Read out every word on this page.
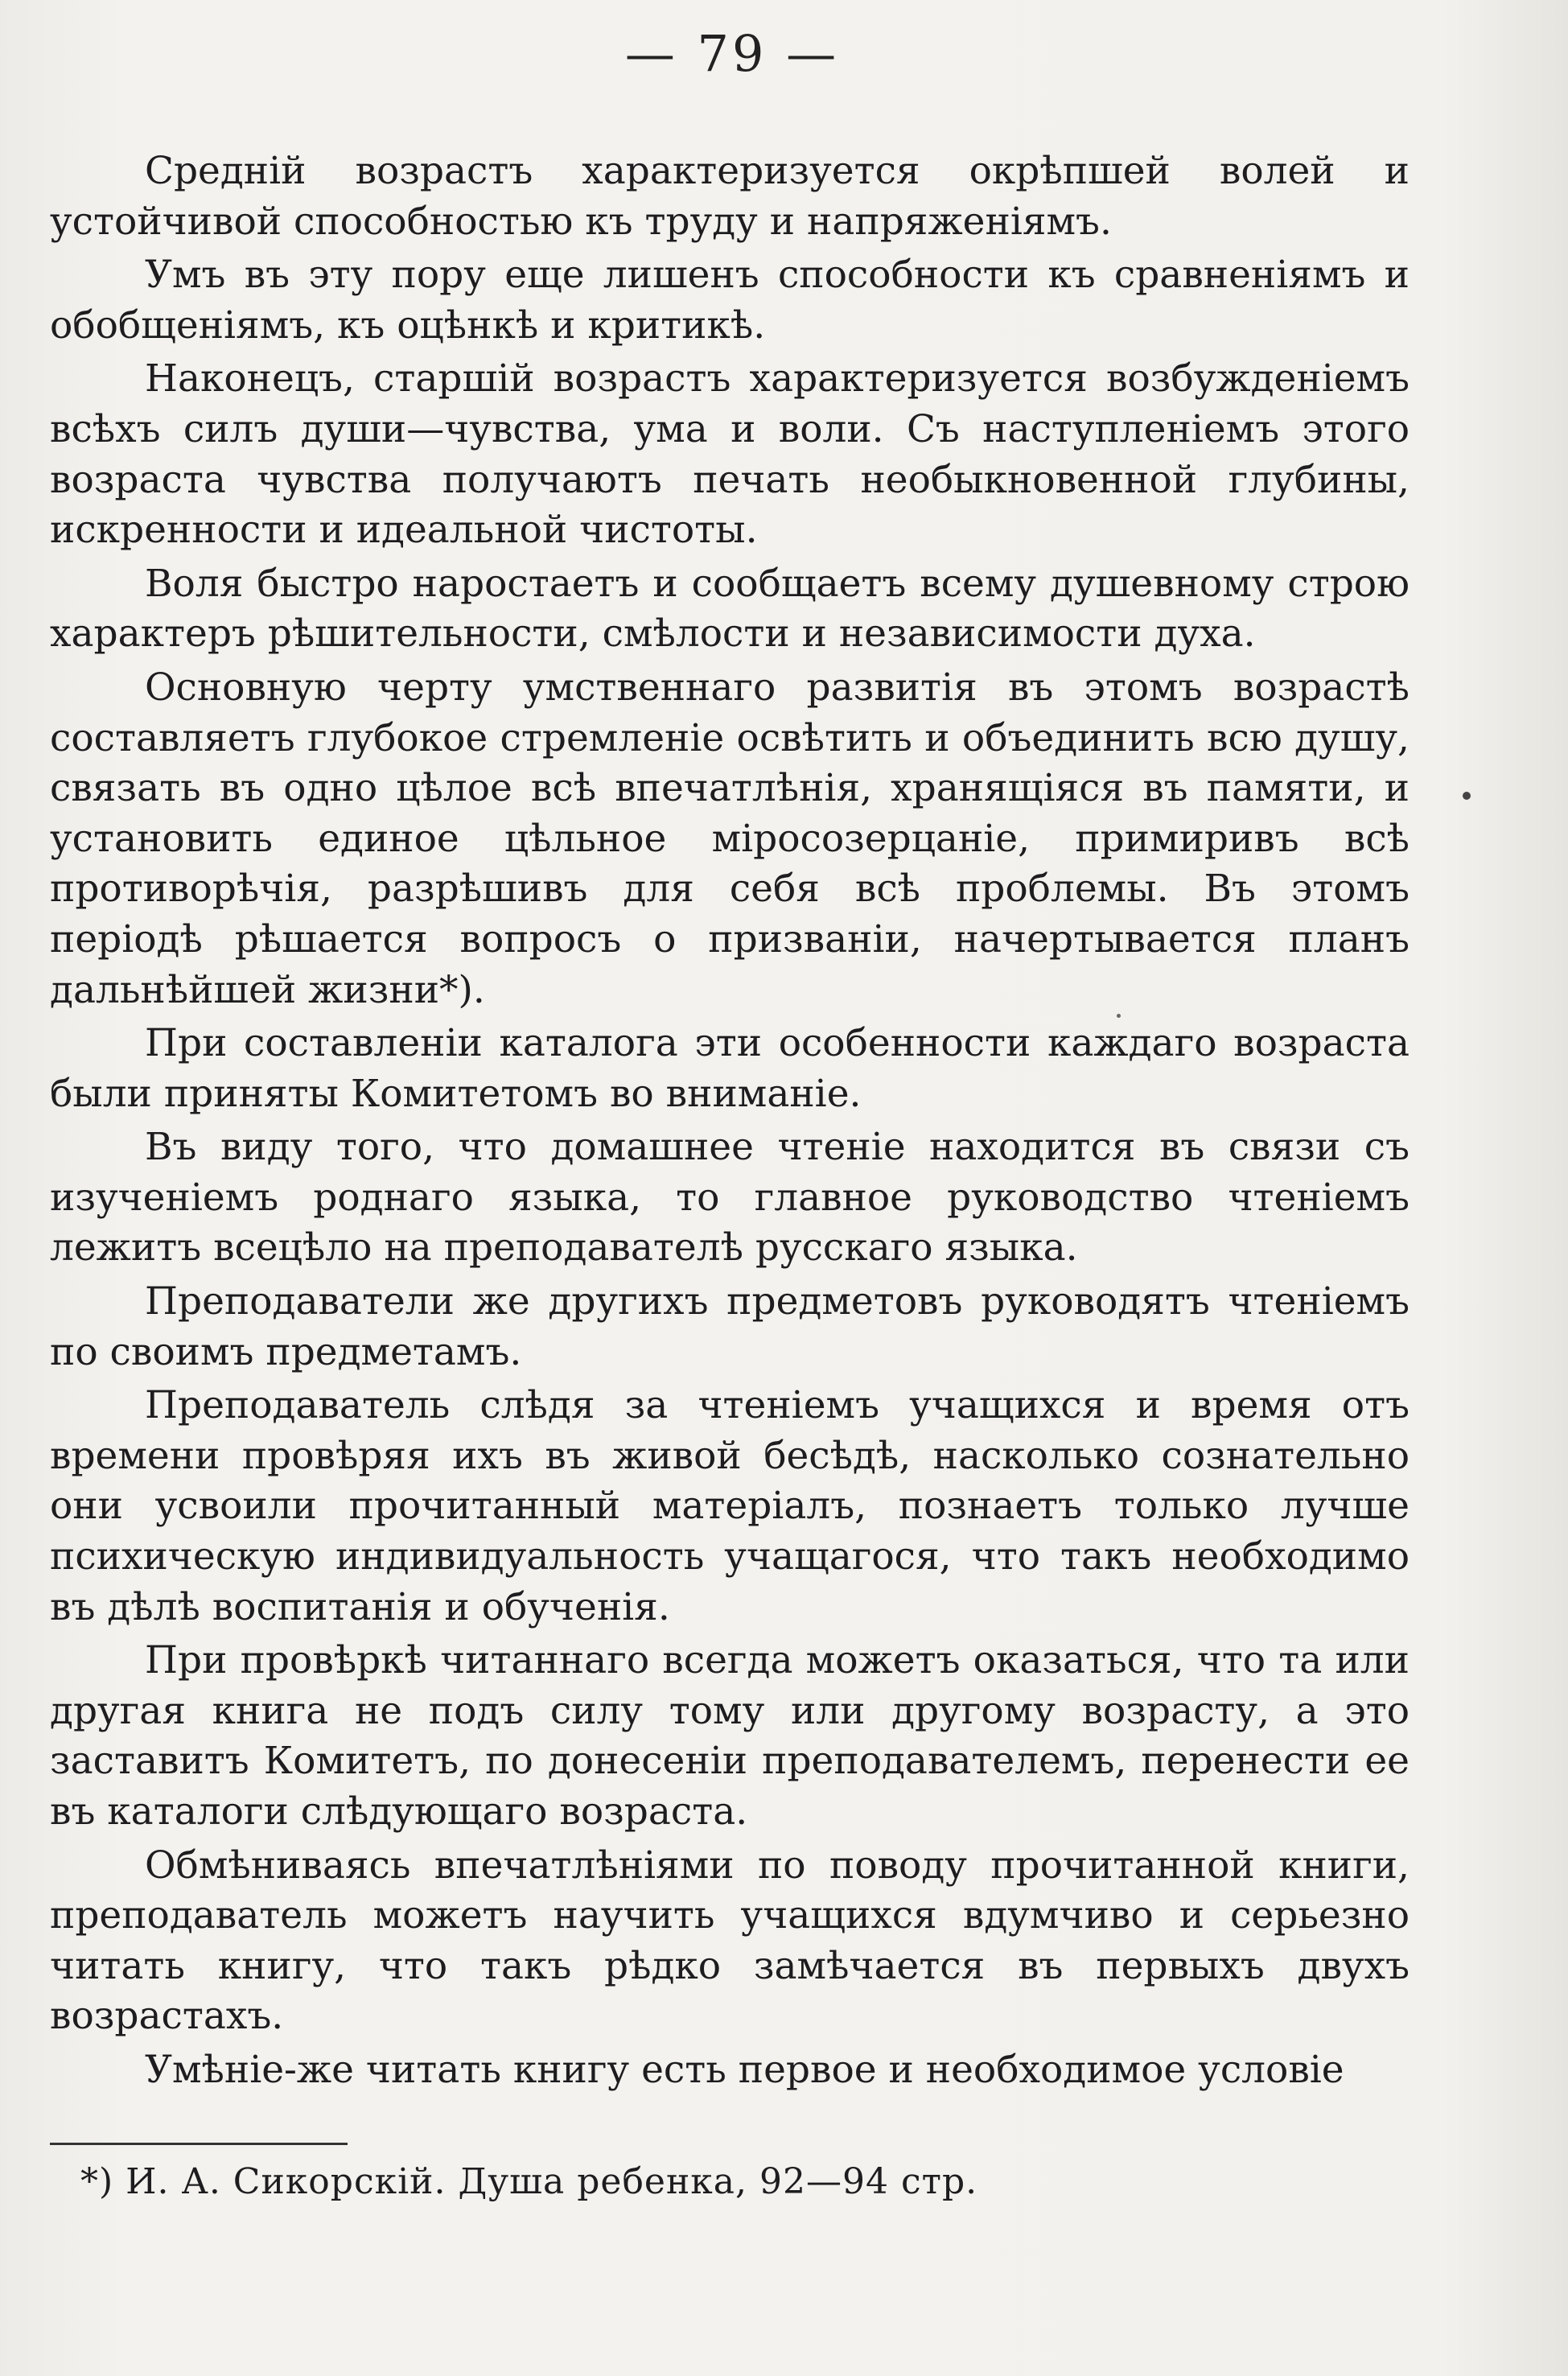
— 79 —

Средній возрастъ характеризуется окрѣпшей волей и устойчивой способностью къ труду и напряженіямъ.

Умъ въ эту пору еще лишенъ способности къ сравненіямъ и обобщеніямъ, къ оцѣнкѣ и критикѣ.

Наконецъ, старшій возрастъ характеризуется возбужденіемъ всѣхъ силъ души—чувства, ума и воли. Съ наступленіемъ этого возраста чувства получаютъ печать необыкновенной глубины, искренности и идеальной чистоты.

Воля быстро наростаетъ и сообщаетъ всему душевному строю характеръ рѣшительности, смѣлости и независимости духа.

Основную черту умственнаго развитія въ этомъ возрастѣ составляетъ глубокое стремленіе освѣтить и объединить всю душу, связать въ одно цѣлое всѣ впечатлѣнія, хранящіяся въ памяти, и установить единое цѣльное міросозерцаніе, примиривъ всѣ противорѣчія, разрѣшивъ для себя всѣ проблемы. Въ этомъ періодѣ рѣшается вопросъ о призваніи, начертывается планъ дальнѣйшей жизни*).

При составленіи каталога эти особенности каждаго возраста были приняты Комитетомъ во вниманіе.

Въ виду того, что домашнее чтеніе находится въ связи съ изученіемъ роднаго языка, то главное руководство чтеніемъ лежитъ всецѣло на преподавателѣ русскаго языка.

Преподаватели же другихъ предметовъ руководятъ чтеніемъ по своимъ предметамъ.

Преподаватель слѣдя за чтеніемъ учащихся и время отъ времени провѣряя ихъ въ живой бесѣдѣ, насколько сознательно они усвоили прочитанный матеріалъ, познаетъ только лучше психическую индивидуальность учащагося, что такъ необходимо въ дѣлѣ воспитанія и обученія.

При провѣркѣ читаннаго всегда можетъ оказаться, что та или другая книга не подъ силу тому или другому возрасту, а это заставитъ Комитетъ, по донесеніи преподавателемъ, перенести ее въ каталоги слѣдующаго возраста.

Обмѣниваясь впечатлѣніями по поводу прочитанной книги, преподаватель можетъ научить учащихся вдумчиво и серьезно читать книгу, что такъ рѣдко замѣчается въ первыхъ двухъ возрастахъ.

Умѣніе-же читать книгу есть первое и необходимое условіе

*) И. А. Сикорскій. Душа ребенка, 92—94 стр.
